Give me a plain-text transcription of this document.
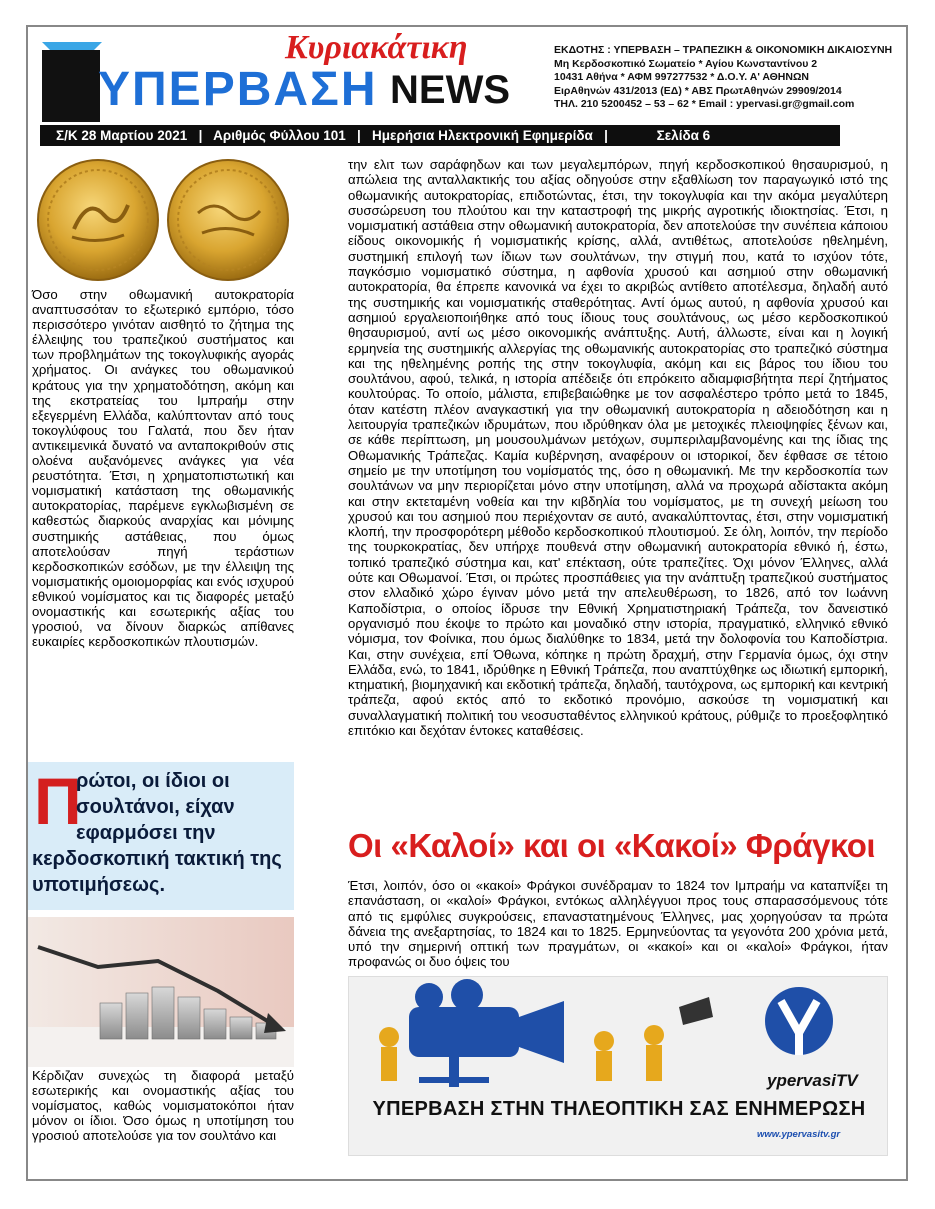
Κυριακάτικη
ΥΠΕΡΒΑΣΗ NEWS
ΕΚΔΟΤΗΣ : ΥΠΕΡΒΑΣΗ – ΤΡΑΠΕΖΙΚΗ & ΟΙΚΟΝΟΜΙΚΗ ΔΙΚΑΙΟΣΥΝΗ
Μη Κερδοσκοπικό Σωματείο * Αγίου Κωνσταντίνου 2
10431 Αθήνα * ΑΦΜ 997277532 * Δ.Ο.Υ. Α' ΑΘΗΝΩΝ
ΕιρΑθηνών 431/2013 (ΕΔ) * ΑΒΣ ΠρωτΑθηνών 29909/2014
ΤΗΛ. 210 5200452 – 53 – 62 * Email : ypervasi.gr@gmail.com
Σ/Κ 28 Μαρτίου 2021 | Αριθμός Φύλλου 101 | Ημερήσια Ηλεκτρονική Εφημερίδα |	Σελίδα 6
Όσο στην οθωμανική αυτοκρατορία αναπτυσσόταν το εξωτερικό εμπόριο, τόσο περισσότερο γινόταν αισθητό το ζήτημα της έλλειψης του τραπεζικού συστήματος και των προβλημάτων της τοκογλυφικής αγοράς χρήματος. Οι ανάγκες του οθωμανικού κράτους για την χρηματοδότηση, ακόμη και της εκστρατείας του Ιμπραήμ στην εξεγερμένη Ελλάδα, καλύπτονταν από τους τοκογλύφους του Γαλατά, που δεν ήταν αντικειμενικά δυνατό να ανταποκριθούν στις ολοένα αυξανόμενες ανάγκες για νέα ρευστότητα. Έτσι, η χρηματοπιστωτική και νομισματική κατάσταση της οθωμανικής αυτοκρατορίας, παρέμενε εγκλωβισμένη σε καθεστώς διαρκούς αναρχίας και μόνιμης συστημικής αστάθειας, που όμως αποτελούσαν πηγή τεράστιων κερδοσκοπικών εσόδων, με την έλλειψη της νομισματικής ομοιομορφίας και ενός ισχυρού εθνικού νομίσματος και τις διαφορές μεταξύ ονομαστικής και εσωτερικής αξίας του γροσιού, να δίνουν διαρκώς απίθανες ευκαιρίες κερδοσκοπικών πλουτισμών.
Π
ρώτοι, οι ίδιοι οι σουλτάνοι, είχαν εφαρμόσει την
κερδοσκοπική τακτική της υποτιμήσεως.
Κέρδιζαν συνεχώς τη διαφορά μεταξύ εσωτερικής και ονομαστικής αξίας του νομίσματος, καθώς νομισματοκόποι ήταν μόνον οι ίδιοι. Όσο όμως η υποτίμηση του γροσιού αποτελούσε για τον σουλτάνο και
την ελιτ των σαράφηδων και των μεγαλεμπόρων, πηγή κερδοσκοπικού θησαυρισμού, η απώλεια της ανταλλακτικής του αξίας οδηγούσε στην εξαθλίωση τον παραγωγικό ιστό της οθωμανικής αυτοκρατορίας, επιδοτώντας, έτσι, την τοκογλυφία και την ακόμα μεγαλύτερη συσσώρευση του πλούτου και την καταστροφή της μικρής αγροτικής ιδιοκτησίας. Έτσι, η νομισματική αστάθεια στην οθωμανική αυτοκρατορία, δεν αποτελούσε την συνέπεια κάποιου είδους οικονομικής ή νομισματικής κρίσης, αλλά, αντιθέτως, αποτελούσε ηθελημένη, συστημική επιλογή των ίδιων των σουλτάνων, την στιγμή που, κατά το ισχύον τότε, παγκόσμιο νομισματικό σύστημα, η αφθονία χρυσού και ασημιού στην οθωμανική αυτοκρατορία, θα έπρεπε κανονικά να έχει το ακριβώς αντίθετο αποτέλεσμα, δηλαδή αυτό της συστημικής και νομισματικής σταθερότητας. Αντί όμως αυτού, η αφθονία χρυσού και ασημιού εργαλειοποιήθηκε από τους ίδιους τους σουλτάνους, ως μέσο κερδοσκοπικού θησαυρισμού, αντί ως μέσο οικονομικής ανάπτυξης. Αυτή, άλλωστε, είναι και η λογική ερμηνεία της συστημικής αλλεργίας της οθωμανικής αυτοκρατορίας στο τραπεζικό σύστημα και της ηθελημένης ροπής της στην τοκογλυφία, ακόμη και εις βάρος του ίδιου του σουλτάνου, αφού, τελικά, η ιστορία απέδειξε ότι επρόκειτο αδιαμφισβήτητα περί ζητήματος κουλτούρας. Το οποίο, μάλιστα, επιβεβαιώθηκε με τον ασφαλέστερο τρόπο μετά το 1845, όταν κατέστη πλέον αναγκαστική για την οθωμανική αυτοκρατορία η αδειοδότηση και η λειτουργία τραπεζικών ιδρυμάτων, που ιδρύθηκαν όλα με μετοχικές πλειοψηφίες ξένων και, σε κάθε περίπτωση, μη μουσουλμάνων μετόχων, συμπεριλαμβανομένης και της ίδιας της Οθωμανικής Τράπεζας. Καμία κυβέρνηση, αναφέρουν οι ιστορικοί, δεν έφθασε σε τέτοιο σημείο με την υποτίμηση του νομίσματός της, όσο η οθωμανική. Με την κερδοσκοπία των σουλτάνων να μην περιορίζεται μόνο στην υποτίμηση, αλλά να προχωρά αδίστακτα ακόμη και στην εκτεταμένη νοθεία και την κιβδηλία του νομίσματος, με τη συνεχή μείωση του χρυσού και του ασημιού που περιέχονταν σε αυτό, ανακαλύπτοντας, έτσι, στην νομισματική κλοπή, την προσφορότερη μέθοδο κερδοσκοπικού πλουτισμού. Σε όλη, λοιπόν, την περίοδο της τουρκοκρατίας, δεν υπήρχε πουθενά στην οθωμανική αυτοκρατορία εθνικό ή, έστω, τοπικό τραπεζικό σύστημα και, κατ' επέκταση, ούτε τραπεζίτες. Όχι μόνον Έλληνες, αλλά ούτε και Οθωμανοί. Έτσι, οι πρώτες προσπάθειες για την ανάπτυξη τραπεζικού συστήματος στον ελλαδικό χώρο έγιναν μόνο μετά την απελευθέρωση, το 1826, από τον Ιωάννη Καποδίστρια, ο οποίος ίδρυσε την Εθνική Χρηματιστηριακή Τράπεζα, τον δανειστικό οργανισμό που έκοψε το πρώτο και μοναδικό στην ιστορία, πραγματικό, ελληνικό εθνικό νόμισμα, τον Φοίνικα, που όμως διαλύθηκε το 1834, μετά την δολοφονία του Καποδίστρια. Και, στην συνέχεια, επί Όθωνα, κόπηκε η πρώτη δραχμή, στην Γερμανία όμως, όχι στην Ελλάδα, ενώ, το 1841, ιδρύθηκε η Εθνική Τράπεζα, που αναπτύχθηκε ως ιδιωτική εμπορική, κτηματική, βιομηχανική και εκδοτική τράπεζα, δηλαδή, ταυτόχρονα, ως εμπορική και κεντρική τράπεζα, αφού εκτός από το εκδοτικό προνόμιο, ασκούσε τη νομισματική και συναλλαγματική πολιτική του νεοσυσταθέντος ελληνικού κράτους, ρύθμιζε το προεξοφλητικό επιτόκιο και δεχόταν έντοκες καταθέσεις.
Οι «Καλοί» και οι «Κακοί» Φράγκοι
Έτσι, λοιπόν, όσο οι «κακοί» Φράγκοι συνέδραμαν το 1824 τον Ιμπραήμ να καταπνίξει τη επανάσταση, οι «καλοί» Φράγκοι, εντόκως αλληλέγγυοι προς τους σπαρασσόμενους τότε από τις εμφύλιες συγκρούσεις, επαναστατημένους Έλληνες, μας χορηγούσαν τα πρώτα δάνεια της ανεξαρτησίας, το 1824 και το 1825. Ερμηνεύοντας τα γεγονότα 200 χρόνια μετά, υπό την σημερινή οπτική των πραγμάτων, οι «κακοί» και οι «καλοί» Φράγκοι, ήταν προφανώς οι δυο όψεις του
ypervasiTV
ΥΠΕΡΒΑΣΗ ΣΤΗΝ ΤΗΛΕΟΠΤΙΚΗ ΣΑΣ ΕΝΗΜΕΡΩΣΗ
www.ypervasitv.gr
